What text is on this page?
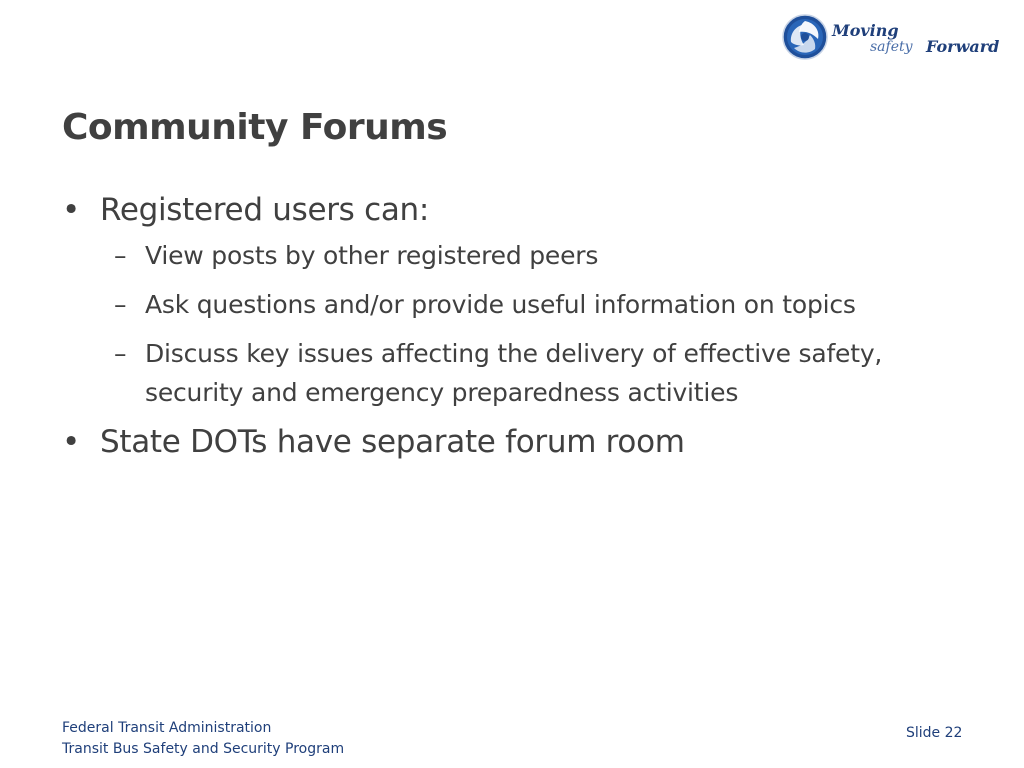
Moving
safety Forward
Community Forums
• Registered users can:
– View posts by other registered peers
– Ask questions and/or provide useful information on topics
– Discuss key issues affecting the delivery of effective safety, security and emergency preparedness activities
• State DOTs have separate forum room
Federal Transit Administration
Transit Bus Safety and Security Program
Slide 22
